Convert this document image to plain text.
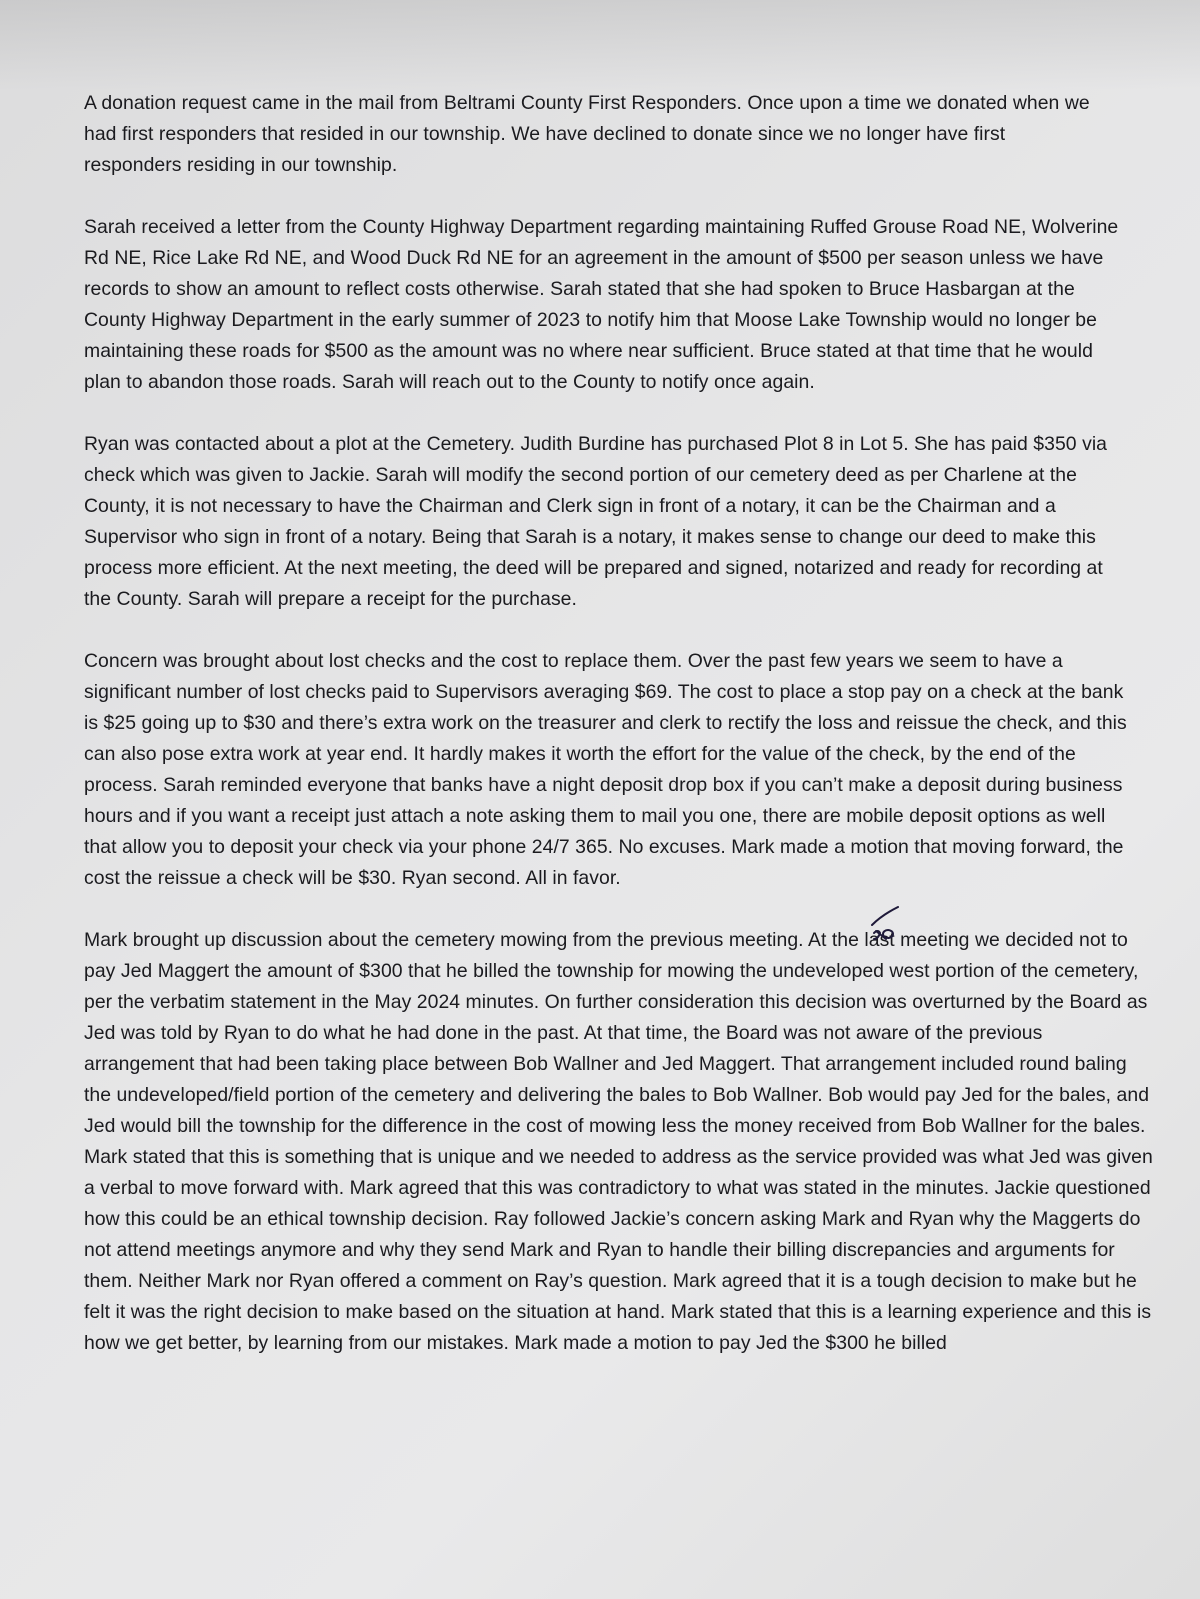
A donation request came in the mail from Beltrami County First Responders. Once upon a time we donated when we had first responders that resided in our township. We have declined to donate since we no longer have first responders residing in our township.

Sarah received a letter from the County Highway Department regarding maintaining Ruffed Grouse Road NE, Wolverine Rd NE, Rice Lake Rd NE, and Wood Duck Rd NE for an agreement in the amount of $500 per season unless we have records to show an amount to reflect costs otherwise. Sarah stated that she had spoken to Bruce Hasbargan at the County Highway Department in the early summer of 2023 to notify him that Moose Lake Township would no longer be maintaining these roads for $500 as the amount was no where near sufficient. Bruce stated at that time that he would plan to abandon those roads. Sarah will reach out to the County to notify once again.

Ryan was contacted about a plot at the Cemetery. Judith Burdine has purchased Plot 8 in Lot 5. She has paid $350 via check which was given to Jackie. Sarah will modify the second portion of our cemetery deed as per Charlene at the County, it is not necessary to have the Chairman and Clerk sign in front of a notary, it can be the Chairman and a Supervisor who sign in front of a notary. Being that Sarah is a notary, it makes sense to change our deed to make this process more efficient. At the next meeting, the deed will be prepared and signed, notarized and ready for recording at the County. Sarah will prepare a receipt for the purchase.

Concern was brought about lost checks and the cost to replace them. Over the past few years we seem to have a significant number of lost checks paid to Supervisors averaging $69. The cost to place a stop pay on a check at the bank is $25 going up to $30 and there’s extra work on the treasurer and clerk to rectify the loss and reissue the check, and this can also pose extra work at year end. It hardly makes it worth the effort for the value of the check, by the end of the process. Sarah reminded everyone that banks have a night deposit drop box if you can’t make a deposit during business hours and if you want a receipt just attach a note asking them to mail you one, there are mobile deposit options as well that allow you to deposit your check via your phone 24/7 365. No excuses. Mark made a motion that moving forward, the cost the reissue a check will be $30. Ryan second. All in favor.

Mark brought up discussion about the cemetery mowing from the previous meeting. At the last meeting we decided not to pay Jed Maggert the amount of $300 that he billed the township for mowing the undeveloped west portion of the cemetery, per the verbatim statement in the May 2024 minutes. On further consideration this decision was overturned by the Board as Jed was told by Ryan to do what he had done in the past. At that time, the Board was not aware of the previous arrangement that had been taking place between Bob Wallner and Jed Maggert. That arrangement included round baling the undeveloped/field portion of the cemetery and delivering the bales to Bob Wallner. Bob would pay Jed for the bales, and Jed would bill the township for the difference in the cost of mowing less the money received from Bob Wallner for the bales. Mark stated that this is something that is unique and we needed to address as the service provided was what Jed was given a verbal to move forward with. Mark agreed that this was contradictory to what was stated in the minutes. Jackie questioned how this could be an ethical township decision. Ray followed Jackie’s concern asking Mark and Ryan why the Maggerts do not attend meetings anymore and why they send Mark and Ryan to handle their billing discrepancies and arguments for them. Neither Mark nor Ryan offered a comment on Ray’s question. Mark agreed that it is a tough decision to make but he felt it was the right decision to make based on the situation at hand. Mark stated that this is a learning experience and this is how we get better, by learning from our mistakes. Mark made a motion to pay Jed the $300 he billed
